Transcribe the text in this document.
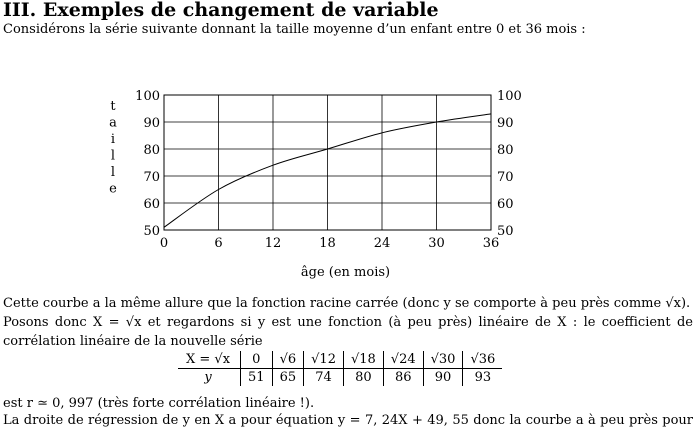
III. Exemples de changement de variable
Considérons la série suivante donnant la taille moyenne d’un enfant entre 0 et 36 mois :
t
a
i
l
l
e
0	6	12	18	24	30	36
50
60
70
80
90
100
50
60
70
80
90
100
âge (en mois)
Cette courbe a la même allure que la fonction racine carrée (donc y se comporte à peu près comme √x).
Posons donc X = √x et regardons si y est une fonction (à peu près) linéaire de X : le coefficient de
corrélation linéaire de la nouvelle série
X = √x	0	√6	√12	√18	√24	√30	√36
y	51	65	74	80	86	90	93
est r ≃ 0, 997 (très forte corrélation linéaire !).
La droite de régression de y en X a pour équation y = 7, 24X + 49, 55 donc la courbe a à peu près pour
